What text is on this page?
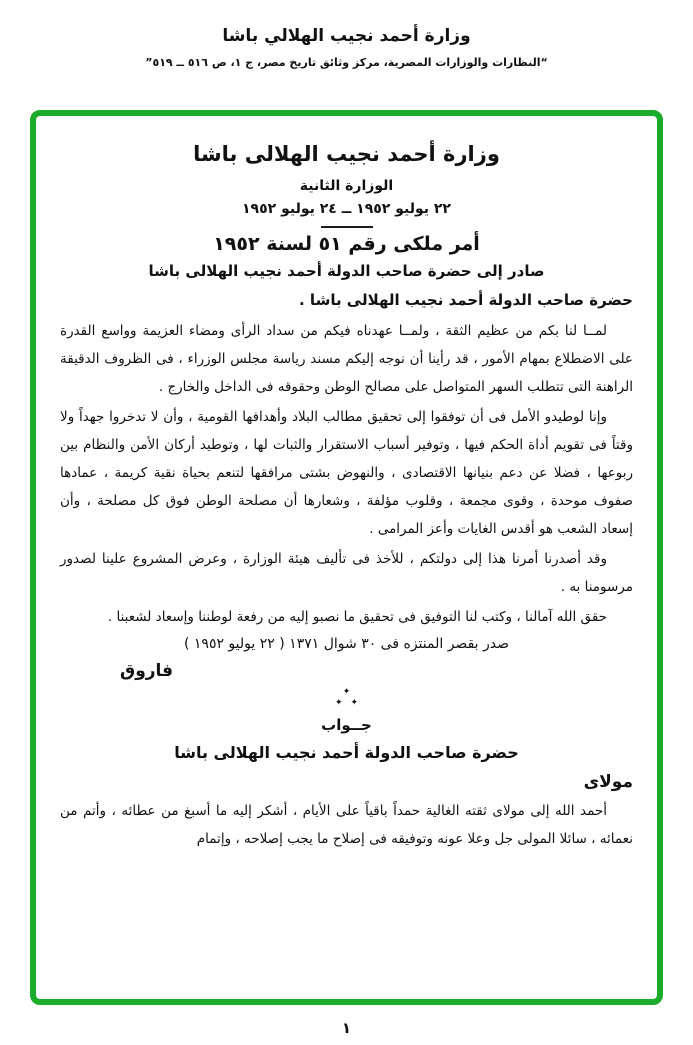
وزارة أحمد نجيب الهلالي باشا
“النظارات والوزارات المصرية، مركز وثائق تاريخ مصر، ج ١، ص ٥١٦ ــ ٥١٩”
وزارة أحمد نجيب الهلالى باشا
الوزارة الثانية
٢٢ يوليو ١٩٥٢ ــ ٢٤ يوليو ١٩٥٢
أمر ملكى رقم ٥١ لسنة ١٩٥٢
صادر إلى حضرة صاحب الدولة أحمد نجيب الهلالى باشا
حضرة صاحب الدولة أحمد نجيب الهلالى باشا .

لمــا لنا بكم من عظيم الثقة ، ولمــا عهدناه فيكم من سداد الرأى ومضاء العزيمة وواسع القدرة على الاضطلاع بمهام الأمور ، قد رأينا أن نوجه إليكم مسند رياسة مجلس الوزراء ، فى الظروف الدقيقة الراهنة التى تتطلب السهر المتواصل على مصالح الوطن وحقوقه فى الداخل والخارج .

وإنا لوطيدو الأمل فى أن توفقوا إلى تحقيق مطالب البلاد وأهدافها القومية ، وأن لا تدخروا جهداً ولا وقتاً فى تقويم أداة الحكم فيها ، وتوفير أسباب الاستقرار والثبات لها ، وتوطيد أركان الأمن والنظام بين ربوعها ، فضلا عن دعم بنيانها الاقتصادى ، والنهوض بشتى مرافقها لتنعم بحياة نقية كريمة ، عمادها صفوف موحدة ، وقوى مجمعة ، وقلوب مؤلفة ، وشعارها أن مصلحة الوطن فوق كل مصلحة ، وأن إسعاد الشعب هو أقدس الغايات وأعز المرامى .

وقد أصدرنا أمرنا هذا إلى دولتكم ، للأخذ فى تأليف هيئة الوزارة ، وعرض المشروع علينا لصدور مرسومنا به .

حقق الله آمالنا ، وكتب لنا التوفيق فى تحقيق ما نصبو إليه من رفعة لوطننا وإسعاد لشعبنا .

صدر بقصر المنتزه فى ٣٠ شوال ١٣٧١ ( ٢٢ يوليو ١٩٥٢ )
فاروق
✦
✦✦
جــواب
حضرة صاحب الدولة أحمد نجيب الهلالى باشا
مولاى

أحمد الله إلى مولاى ثقته الغالية حمداً باقياً على الأيام ، أشكر إليه ما أسبغ من عطائه ، وأتم من نعمائه ، سائلا المولى جل وعلا عونه وتوفيقه فى إصلاح ما يجب إصلاحه ، وإتمام

١
